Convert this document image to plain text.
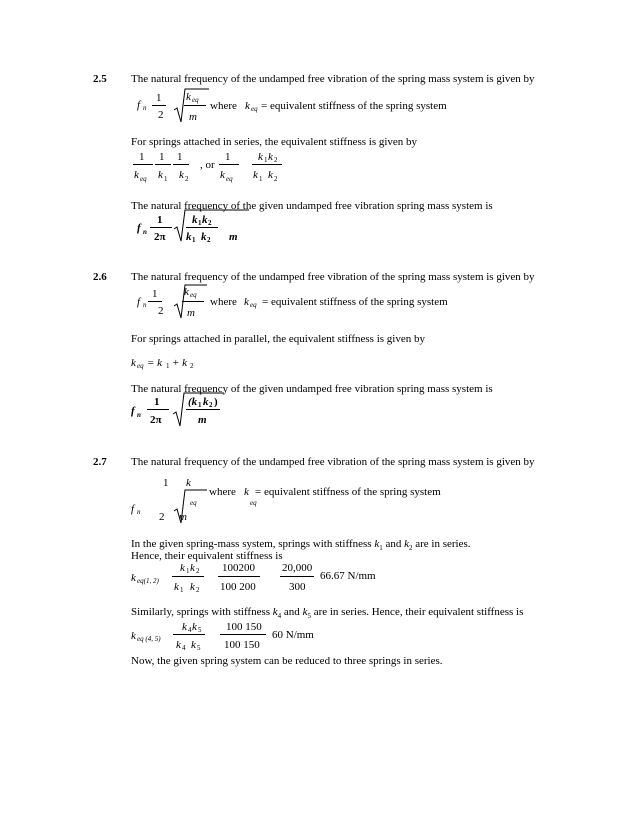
2.5 The natural frequency of the undamped free vibration of the spring mass system is given by
f n
1
2
k eq
m
where k eq = equivalent stiffness of the spring system
For springs attached in series, the equivalent stiffness is given by
1
k eq
1
k 1
1
k 2
, or
1
k eq
k 1 k 2
k 1 k 2
The natural frequency of the given undamped free vibration spring mass system is
f n
1
2π
k 1 k 2
k 1 k 2 m
2.6 The natural frequency of the undamped free vibration of the spring mass system is given by
f n
1
2
k eq
m
where k eq = equivalent stiffness of the spring system
For springs attached in parallel, the equivalent stiffness is given by
k eq = k 1 + k 2
The natural frequency of the given undamped free vibration spring mass system is
f n
1
2π
(k 1 k 2 )
m
2.7 The natural frequency of the undamped free vibration of the spring mass system is given by
1 k
where k = equivalent stiffness of the spring system
f n
eq	eq
2 m
In the given spring-mass system, springs with stiffness $k_1$ and $k_2$ are in series.
Hence, their equivalent stiffness is
k eq(1, 2)
k 1 k 2
k 1 k 2
100200
100 200
20,000
300
66.67 N/mm
Similarly, springs with stiffness $k_4$ and $k_5$ are in series. Hence, their equivalent stiffness is
k eq (4, 5)
k 4 k 5
k 4 k 5
100 150
100 150
60 N/mm
Now, the given spring system can be reduced to three springs in series.
